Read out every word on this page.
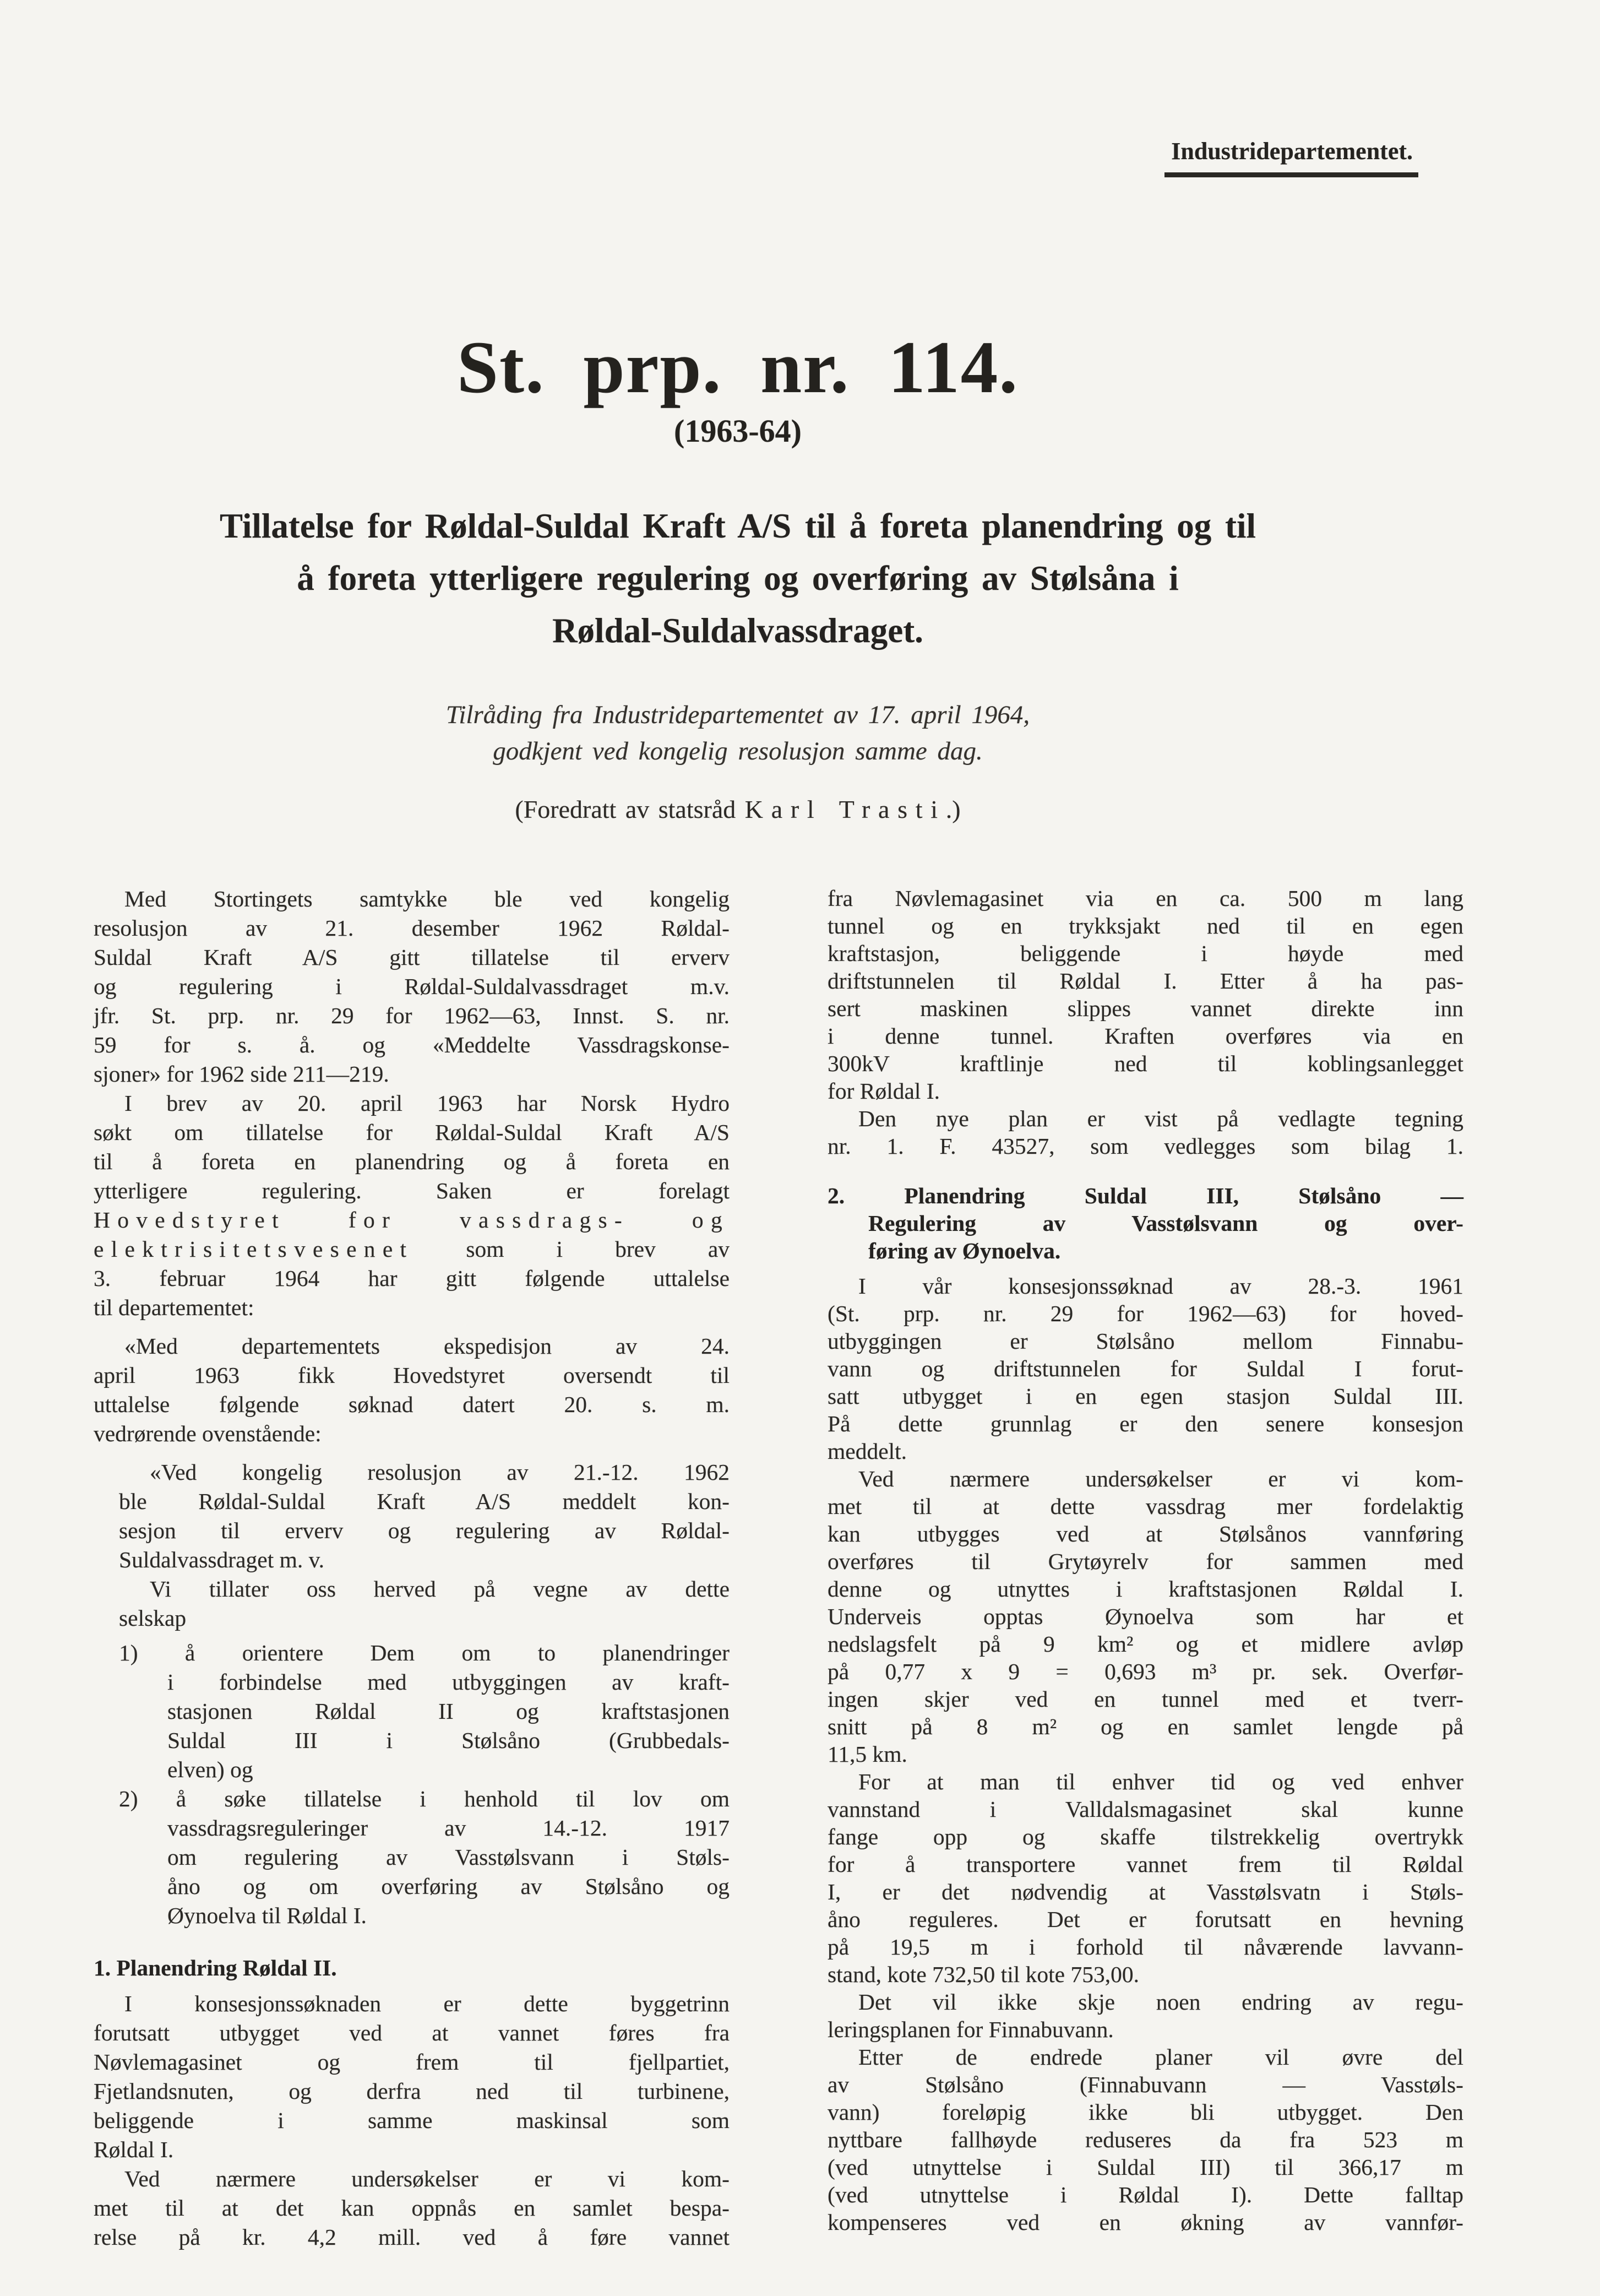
Industridepartementet.
St. prp. nr. 114.
(1963-64)
Tillatelse for Røldal-Suldal Kraft A/S til å foreta planendring og til
å foreta ytterligere regulering og overføring av Stølsåna i
Røldal-Suldalvassdraget.
Tilråding fra Industridepartementet av 17. april 1964,
godkjent ved kongelig resolusjon samme dag.
(Foredratt av statsråd Karl Trasti.)
Med Stortingets samtykke ble ved kongelig
resolusjon av 21. desember 1962 Røldal-
Suldal Kraft A/S gitt tillatelse til erverv
og regulering i Røldal-Suldalvassdraget m.v.
jfr. St. prp. nr. 29 for 1962—63, Innst. S. nr.
59 for s. å. og «Meddelte Vassdragskonse-
sjoner» for 1962 side 211—219.
I brev av 20. april 1963 har Norsk Hydro
søkt om tillatelse for Røldal-Suldal Kraft A/S
til å foreta en planendring og å foreta en
ytterligere regulering. Saken er forelagt
Hovedstyret for vassdrags- og
elektrisitetsvesenet som i brev av
3. februar 1964 har gitt følgende uttalelse
til departementet:
«Med departementets ekspedisjon av 24.
april 1963 fikk Hovedstyret oversendt til
uttalelse følgende søknad datert 20. s. m.
vedrørende ovenstående:
«Ved kongelig resolusjon av 21.-12. 1962
ble Røldal-Suldal Kraft A/S meddelt kon-
sesjon til erverv og regulering av Røldal-
Suldalvassdraget m. v.
Vi tillater oss herved på vegne av dette
selskap
1) å orientere Dem om to planendringer
i forbindelse med utbyggingen av kraft-
stasjonen Røldal II og kraftstasjonen
Suldal III i Stølsåno (Grubbedals-
elven) og
2) å søke tillatelse i henhold til lov om
vassdragsreguleringer av 14.-12. 1917
om regulering av Vasstølsvann i Støls-
åno og om overføring av Stølsåno og
Øynoelva til Røldal I.
1. Planendring Røldal II.
I konsesjonssøknaden er dette byggetrinn
forutsatt utbygget ved at vannet føres fra
Nøvlemagasinet og frem til fjellpartiet,
Fjetlandsnuten, og derfra ned til turbinene,
beliggende i samme maskinsal som
Røldal I.
Ved nærmere undersøkelser er vi kom-
met til at det kan oppnås en samlet bespa-
relse på kr. 4,2 mill. ved å føre vannet
fra Nøvlemagasinet via en ca. 500 m lang
tunnel og en trykksjakt ned til en egen
kraftstasjon, beliggende i høyde med
driftstunnelen til Røldal I. Etter å ha pas-
sert maskinen slippes vannet direkte inn
i denne tunnel. Kraften overføres via en
300kV kraftlinje ned til koblingsanlegget
for Røldal I.
Den nye plan er vist på vedlagte tegning
nr. 1. F. 43527, som vedlegges som bilag 1.
2. Planendring Suldal III, Stølsåno —
Regulering av Vasstølsvann og over-
føring av Øynoelva.
I vår konsesjonssøknad av 28.-3. 1961
(St. prp. nr. 29 for 1962—63) for hoved-
utbyggingen er Stølsåno mellom Finnabu-
vann og driftstunnelen for Suldal I forut-
satt utbygget i en egen stasjon Suldal III.
På dette grunnlag er den senere konsesjon
meddelt.
Ved nærmere undersøkelser er vi kom-
met til at dette vassdrag mer fordelaktig
kan utbygges ved at Stølsånos vannføring
overføres til Grytøyrelv for sammen med
denne og utnyttes i kraftstasjonen Røldal I.
Underveis opptas Øynoelva som har et
nedslagsfelt på 9 km² og et midlere avløp
på 0,77 x 9 = 0,693 m³ pr. sek. Overfør-
ingen skjer ved en tunnel med et tverr-
snitt på 8 m² og en samlet lengde på
11,5 km.
For at man til enhver tid og ved enhver
vannstand i Valldalsmagasinet skal kunne
fange opp og skaffe tilstrekkelig overtrykk
for å transportere vannet frem til Røldal
I, er det nødvendig at Vasstølsvatn i Støls-
åno reguleres. Det er forutsatt en hevning
på 19,5 m i forhold til nåværende lavvann-
stand, kote 732,50 til kote 753,00.
Det vil ikke skje noen endring av regu-
leringsplanen for Finnabuvann.
Etter de endrede planer vil øvre del
av Stølsåno (Finnabuvann — Vasstøls-
vann) foreløpig ikke bli utbygget. Den
nyttbare fallhøyde reduseres da fra 523 m
(ved utnyttelse i Suldal III) til 366,17 m
(ved utnyttelse i Røldal I). Dette falltap
kompenseres ved en økning av vannfør-
